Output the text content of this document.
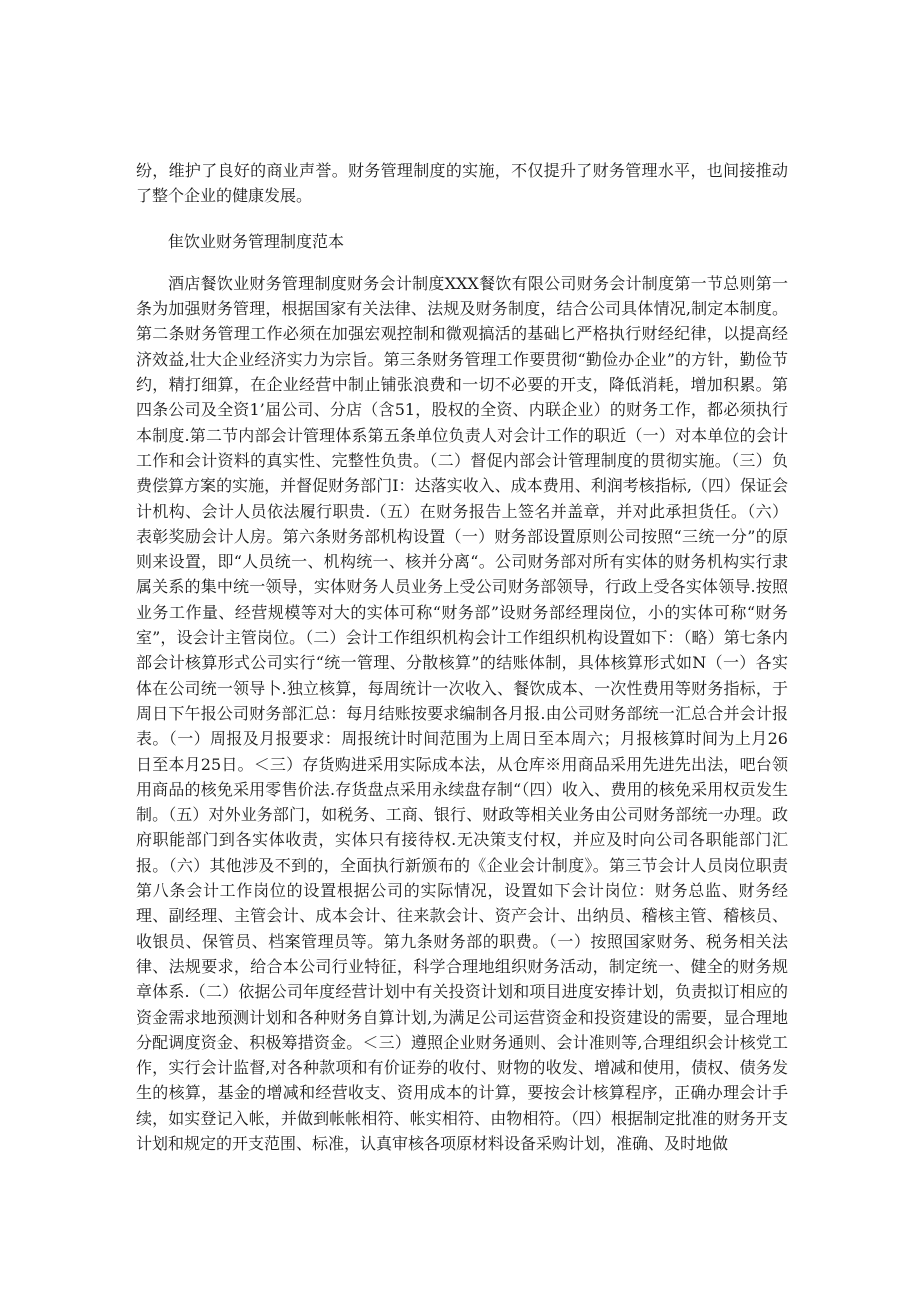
纷，维护了良好的商业声誉。财务管理制度的实施，不仅提升了财务管理水平，也间接推动了整个企业的健康发展。

隹饮业财务管理制度范本

酒店餐饮业财务管理制度财务会计制度XXX餐饮有限公司财务会计制度第一节总则第一条为加强财务管理，根据国家有关法律、法规及财务制度，结合公司具体情况,制定本制度。第二条财务管理工作必须在加强宏观控制和微观搞活的基础匕严格执行财经纪律，以提高经济效益,壮大企业经济实力为宗旨。第三条财务管理工作要贯彻“勤俭办企业”的方针，勤俭节约，精打细算，在企业经营中制止铺张浪费和一切不必要的开支，降低消耗，增加积累。第四条公司及全资1’届公司、分店（含51，股权的全资、内联企业）的财务工作，都必须执行本制度.第二节内部会计管理体系第五条单位负责人对会计工作的职近（一）对本单位的会计工作和会计资料的真实性、完整性负贵。（二）督促内部会计管理制度的贯彻实施。（三）负费偿算方案的实施，并督促财务部门I：达落实收入、成本费用、利润考核指标,（四）保证会计机构、会计人员依法履行职贵.（五）在财务报告上签名并盖章，并对此承担货任。（六）表彰奖励会计人房。第六条财务部机构设置（一）财务部设置原则公司按照“三统一分”的原则来设置，即“人员统一、机构统一、核并分离“。公司财务部对所有实体的财务机构实行隶属关系的集中统一领导，实体财务人员业务上受公司财务部领导，行政上受各实体领导.按照业务工作量、经营规模等对大的实体可称“财务部”设财务部经理岗位，小的实体可称“财务室”，设会计主管岗位。（二）会计工作组织机构会计工作组织机构设置如下：（略）第七条内部会计核算形式公司实行“统一管理、分散核算”的结账体制，具体核算形式如N（一）各实体在公司统一领导卜.独立核算，每周统计一次收入、餐饮成本、一次性费用等财务指标，于周日下午报公司财务部汇总：每月结账按要求编制各月报.由公司财务部统一汇总合并会计报表。（一）周报及月报要求：周报统计时间范围为上周日至本周六；月报核算时间为上月26日至本月25日。＜三）存货购进采用实际成本法，从仓库※用商品采用先进先出法，吧台领用商品的核免采用零售价法.存货盘点采用永续盘存制“（四）收入、费用的核免采用权贡发生制。（五）对外业务部门，如税务、工商、银行、财政等相关业务由公司财务部统一办理。政府职能部门到各实体收责，实体只有接待权.无决策支付权，并应及时向公司各职能部门汇报。（六）其他涉及不到的，全面执行新颁布的《企业会计制度》。第三节会计人员岗位职责第八条会计工作岗位的设置根据公司的实际情况，设置如下会计岗位：财务总监、财务经理、副经理、主管会计、成本会计、往来款会计、资产会计、出纳员、稽核主管、稽核员、收银员、保管员、档案管理员等。第九条财务部的职费。（一）按照国家财务、税务相关法律、法规要求，给合本公司行业特征，科学合理地组织财务活动，制定统一、健全的财务规章体系.（二）依据公司年度经营计划中有关投资计划和项目进度安捧计划，负责拟订相应的资金需求地预测计划和各种财务自算计划,为满足公司运营资金和投资建设的需要，显合理地分配调度资金、积极筹措资金。＜三）遵照企业财务通则、会计准则等,合理组织会计核党工作，实行会计监督,对各种款项和有价证券的收付、财物的收发、增减和使用，债权、债务发生的核算，基金的增减和经营收支、资用成本的计算，要按会计核算程序，正确办理会计手续，如实登记入帐，并做到帐帐相符、帐实相符、由物相符。（四）根据制定批准的财务开支计划和规定的开支范围、标准，认真审核各项原材料设备采购计划，准确、及时地做
